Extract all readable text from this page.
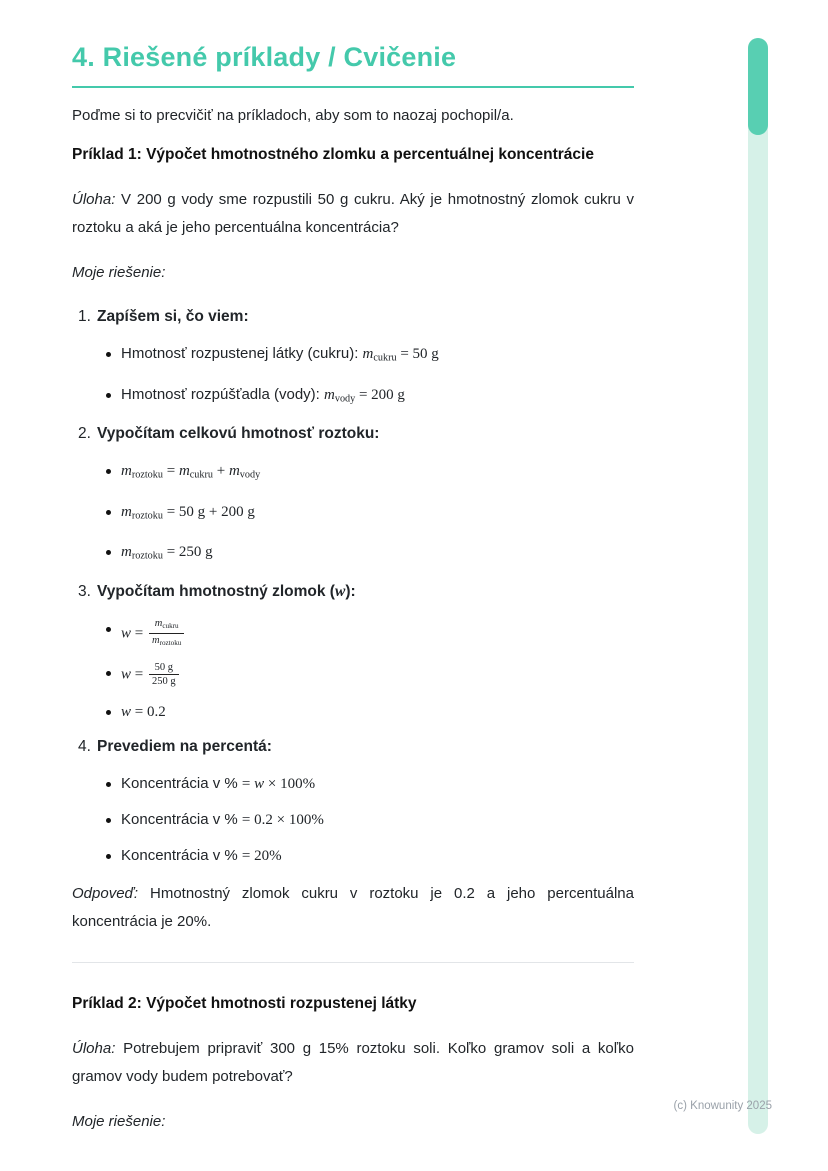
4. Riešené príklady / Cvičenie

Poďme si to precvičiť na príkladoch, aby som to naozaj pochopil/a.

Príklad 1: Výpočet hmotnostného zlomku a percentuálnej koncentrácie

Úloha: V 200 g vody sme rozpustili 50 g cukru. Aký je hmotnostný zlomok cukru v roztoku a aká je jeho percentuálna koncentrácia?

Moje riešenie:

1. Zapíšem si, čo viem:
Hmotnosť rozpustenej látky (cukru): mcukru = 50 g
Hmotnosť rozpúšťadla (vody): mvody = 200 g
2. Vypočítam celkovú hmotnosť roztoku:
mroztoku = mcukru + mvody
mroztoku = 50 g + 200 g
mroztoku = 250 g
3. Vypočítam hmotnostný zlomok (w):
$w = \frac{\text{mcukru}}{\text{mroztoku}}$
$w = \frac{50 g}{250 g}$
w = 0.2
4. Prevediem na percentá:
Koncentrácia v % = w × 100%
Koncentrácia v % = 0.2 × 100%
Koncentrácia v % = 20%

Odpoveď: Hmotnostný zlomok cukru v roztoku je 0.2 a jeho percentuálna koncentrácia je 20%.

Príklad 2: Výpočet hmotnosti rozpustenej látky

Úloha: Potrebujem pripraviť 300 g 15% roztoku soli. Koľko gramov soli a koľko gramov vody budem potrebovať?

Moje riešenie:

(c) Knowunity 2025
